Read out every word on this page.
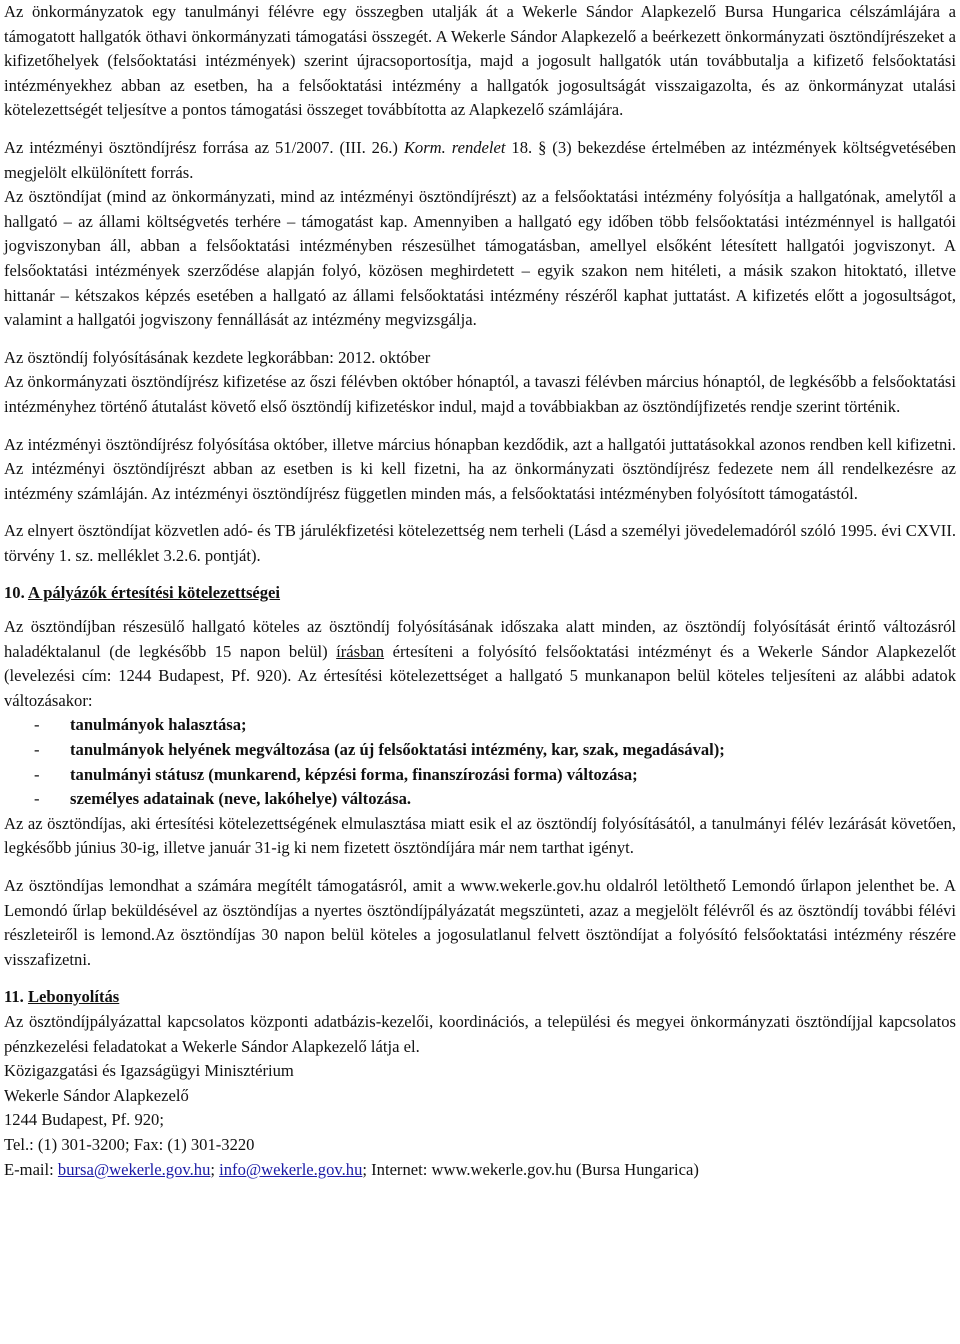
Az önkormányzatok egy tanulmányi félévre egy összegben utalják át a Wekerle Sándor Alapkezelő Bursa Hungarica célszámlájára a támogatott hallgatók öthavi önkormányzati támogatási összegét. A Wekerle Sándor Alapkezelő a beérkezett önkormányzati ösztöndíjrészeket a kifizetőhelyek (felsőoktatási intézmények) szerint újracsoportosítja, majd a jogosult hallgatók után továbbutalja a kifizető felsőoktatási intézményekhez abban az esetben, ha a felsőoktatási intézmény a hallgatók jogosultságát visszaigazolta, és az önkormányzat utalási kötelezettségét teljesítve a pontos támogatási összeget továbbította az Alapkezelő számlájára.

Az intézményi ösztöndíjrész forrása az 51/2007. (III. 26.) Korm. rendelet 18. § (3) bekezdése értelmében az intézmények költségvetésében megjelölt elkülönített forrás.

Az ösztöndíjat (mind az önkormányzati, mind az intézményi ösztöndíjrészt) az a felsőoktatási intézmény folyósítja a hallgatónak, amelytől a hallgató – az állami költségvetés terhére – támogatást kap. Amennyiben a hallgató egy időben több felsőoktatási intézménnyel is hallgatói jogviszonyban áll, abban a felsőoktatási intézményben részesülhet támogatásban, amellyel elsőként létesített hallgatói jogviszonyt. A felsőoktatási intézmények szerződése alapján folyó, közösen meghirdetett – egyik szakon nem hitéleti, a másik szakon hitoktató, illetve hittanár – kétszakos képzés esetében a hallgató az állami felsőoktatási intézmény részéről kaphat juttatást. A kifizetés előtt a jogosultságot, valamint a hallgatói jogviszony fennállását az intézmény megvizsgálja.

Az ösztöndíj folyósításának kezdete legkorábban: 2012. október

Az önkormányzati ösztöndíjrész kifizetése az őszi félévben október hónaptól, a tavaszi félévben március hónaptól, de legkésőbb a felsőoktatási intézményhez történő átutalást követő első ösztöndíj kifizetéskor indul, majd a továbbiakban az ösztöndíjfizetés rendje szerint történik.

Az intézményi ösztöndíjrész folyósítása október, illetve március hónapban kezdődik, azt a hallgatói juttatásokkal azonos rendben kell kifizetni. Az intézményi ösztöndíjrészt abban az esetben is ki kell fizetni, ha az önkormányzati ösztöndíjrész fedezete nem áll rendelkezésre az intézmény számláján. Az intézményi ösztöndíjrész független minden más, a felsőoktatási intézményben folyósított támogatástól.

Az elnyert ösztöndíjat közvetlen adó- és TB járulékfizetési kötelezettség nem terheli (Lásd a személyi jövedelemadóról szóló 1995. évi CXVII. törvény 1. sz. melléklet 3.2.6. pontját).

10. A pályázók értesítési kötelezettségei

Az ösztöndíjban részesülő hallgató köteles az ösztöndíj folyósításának időszaka alatt minden, az ösztöndíj folyósítását érintő változásról haladéktalanul (de legkésőbb 15 napon belül) írásban értesíteni a folyósító felsőoktatási intézményt és a Wekerle Sándor Alapkezelőt (levelezési cím: 1244 Budapest, Pf. 920). Az értesítési kötelezettséget a hallgató 5 munkanapon belül köteles teljesíteni az alábbi adatok változásakor:

- tanulmányok halasztása;
- tanulmányok helyének megváltozása (az új felsőoktatási intézmény, kar, szak, megadásával);
- tanulmányi státusz (munkarend, képzési forma, finanszírozási forma) változása;
- személyes adatainak (neve, lakóhelye) változása.

Az az ösztöndíjas, aki értesítési kötelezettségének elmulasztása miatt esik el az ösztöndíj folyósításától, a tanulmányi félév lezárását követően, legkésőbb június 30-ig, illetve január 31-ig ki nem fizetett ösztöndíjára már nem tarthat igényt.

Az ösztöndíjas lemondhat a számára megítélt támogatásról, amit a www.wekerle.gov.hu oldalról letölthető Lemondó űrlapon jelenthet be. A Lemondó űrlap beküldésével az ösztöndíjas a nyertes ösztöndíjpályázatát megszünteti, azaz a megjelölt félévről és az ösztöndíj további félévi részleteiről is lemond.Az ösztöndíjas 30 napon belül köteles a jogosulatlanul felvett ösztöndíjat a folyósító felsőoktatási intézmény részére visszafizetni.

11. Lebonyolítás

Az ösztöndíjpályázattal kapcsolatos központi adatbázis-kezelői, koordinációs, a települési és megyei önkormányzati ösztöndíjjal kapcsolatos pénzkezelési feladatokat a Wekerle Sándor Alapkezelő látja el.

Közigazgatási és Igazságügyi Minisztérium

Wekerle Sándor Alapkezelő

1244 Budapest, Pf. 920;

Tel.: (1) 301-3200; Fax: (1) 301-3220

E-mail: bursa@wekerle.gov.hu; info@wekerle.gov.hu; Internet: www.wekerle.gov.hu (Bursa Hungarica)
